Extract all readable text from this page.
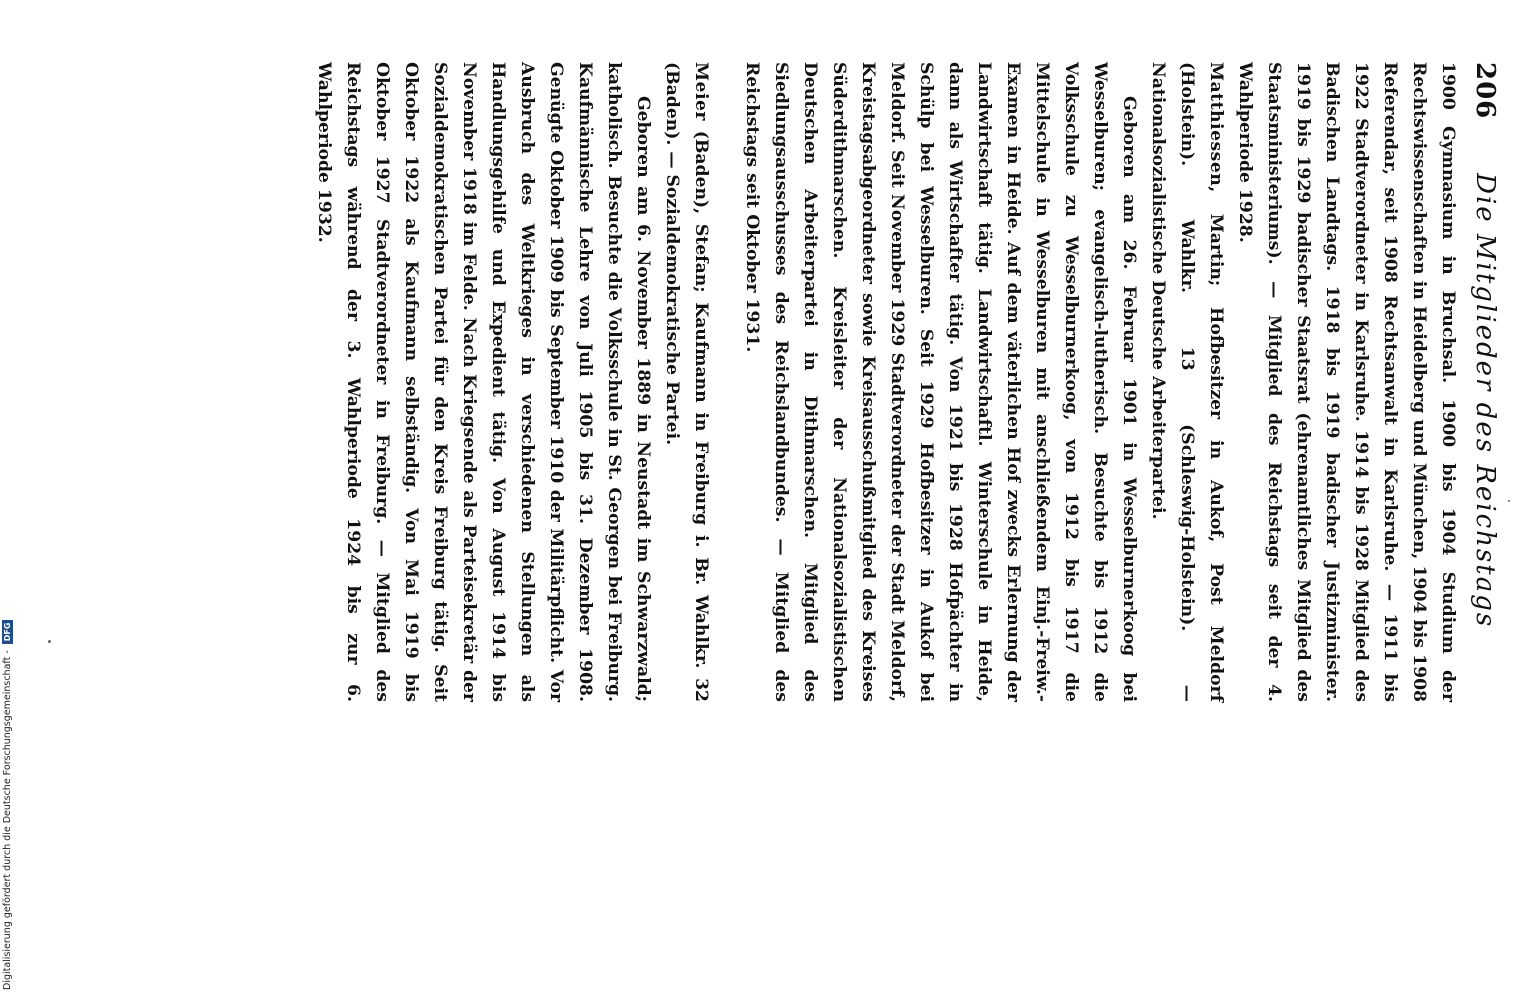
206
Die Mitglieder des Reichstags

1900 Gymnasium in Bruchsal. 1900 bis 1904 Studium der Rechtswissenschaften in Heidelberg und München, 1904 bis 1908 Referendar, seit 1908 Rechtsanwalt in Karlsruhe. — 1911 bis 1922 Stadtverordneter in Karlsruhe. 1914 bis 1928 Mitglied des Badischen Landtags. 1918 bis 1919 badischer Justizminister. 1919 bis 1929 badischer Staatsrat (ehrenamtliches Mitglied des Staatsministeriums). — Mitglied des Reichstags seit der 4. Wahlperiode 1928.

Matthiessen, Martin; Hofbesitzer in Aukof, Post Meldorf (Holstein). Wahlkr. 13 (Schleswig-Holstein). — Nationalsozialistische Deutsche Arbeiterpartei.

Geboren am 26. Februar 1901 in Wesselburnerkoog bei Wesselburen; evangelisch-lutherisch. Besuchte bis 1912 die Volksschule zu Wesselburnerkoog, von 1912 bis 1917 die Mittelschule in Wesselburen mit anschließendem Einj.-Freiw.-Examen in Heide. Auf dem väterlichen Hof zwecks Erlernung der Landwirtschaft tätig. Landwirtschaftl. Winterschule in Heide, dann als Wirtschafter tätig. Von 1921 bis 1928 Hofpächter in Schülp bei Wesselburen. Seit 1929 Hofbesitzer in Aukof bei Meldorf. Seit November 1929 Stadtverordneter der Stadt Meldorf, Kreistagsabgeordneter sowie Kreisausschußmitglied des Kreises Süderdithmarschen. Kreisleiter der Nationalsozialistischen Deutschen Arbeiterpartei in Dithmarschen. Mitglied des Siedlungsausschusses des Reichslandbundes. — Mitglied des Reichstags seit Oktober 1931.

Meier (Baden), Stefan; Kaufmann in Freiburg i. Br. Wahlkr. 32 (Baden). — Sozialdemokratische Partei.

Geboren am 6. November 1889 in Neustadt im Schwarzwald; katholisch. Besuchte die Volksschule in St. Georgen bei Freiburg. Kaufmännische Lehre von Juli 1905 bis 31. Dezember 1908. Genügte Oktober 1909 bis September 1910 der Militärpflicht. Vor Ausbruch des Weltkrieges in verschiedenen Stellungen als Handlungsgehilfe und Expedient tätig. Von August 1914 bis November 1918 im Felde. Nach Kriegsende als Parteisekretär der Sozialdemokratischen Partei für den Kreis Freiburg tätig. Seit Oktober 1922 als Kaufmann selbständig. Von Mai 1919 bis Oktober 1927 Stadtverordneter in Freiburg. — Mitglied des Reichstags während der 3. Wahlperiode 1924 bis zur 6. Wahlperiode 1932.

Digitalisierung gefördert durch die Deutsche Forschungsgemeinschaft -
DFG
